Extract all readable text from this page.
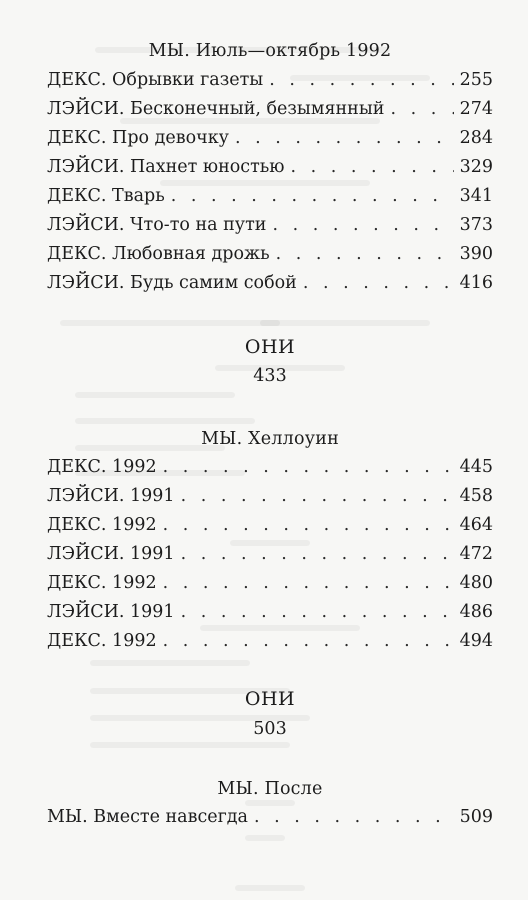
МЫ. Июль—октябрь 1992
ДЕКС. Обрывки газеты . . .	255
ЛЭЙСИ. Бесконечный, безымянный . . .	274
ДЕКС. Про девочку . . .	284
ЛЭЙСИ. Пахнет юностью . . .	329
ДЕКС. Тварь . . .	341
ЛЭЙСИ. Что-то на пути . . .	373
ДЕКС. Любовная дрожь . . .	390
ЛЭЙСИ. Будь самим собой . . .	416
ОНИ
433
МЫ. Хеллоуин
ДЕКС. 1992 . . .	445
ЛЭЙСИ. 1991 . . .	458
ДЕКС. 1992 . . .	464
ЛЭЙСИ. 1991 . . .	472
ДЕКС. 1992 . . .	480
ЛЭЙСИ. 1991 . . .	486
ДЕКС. 1992 . . .	494
ОНИ
503
МЫ. После
МЫ. Вместе навсегда . . .	509
